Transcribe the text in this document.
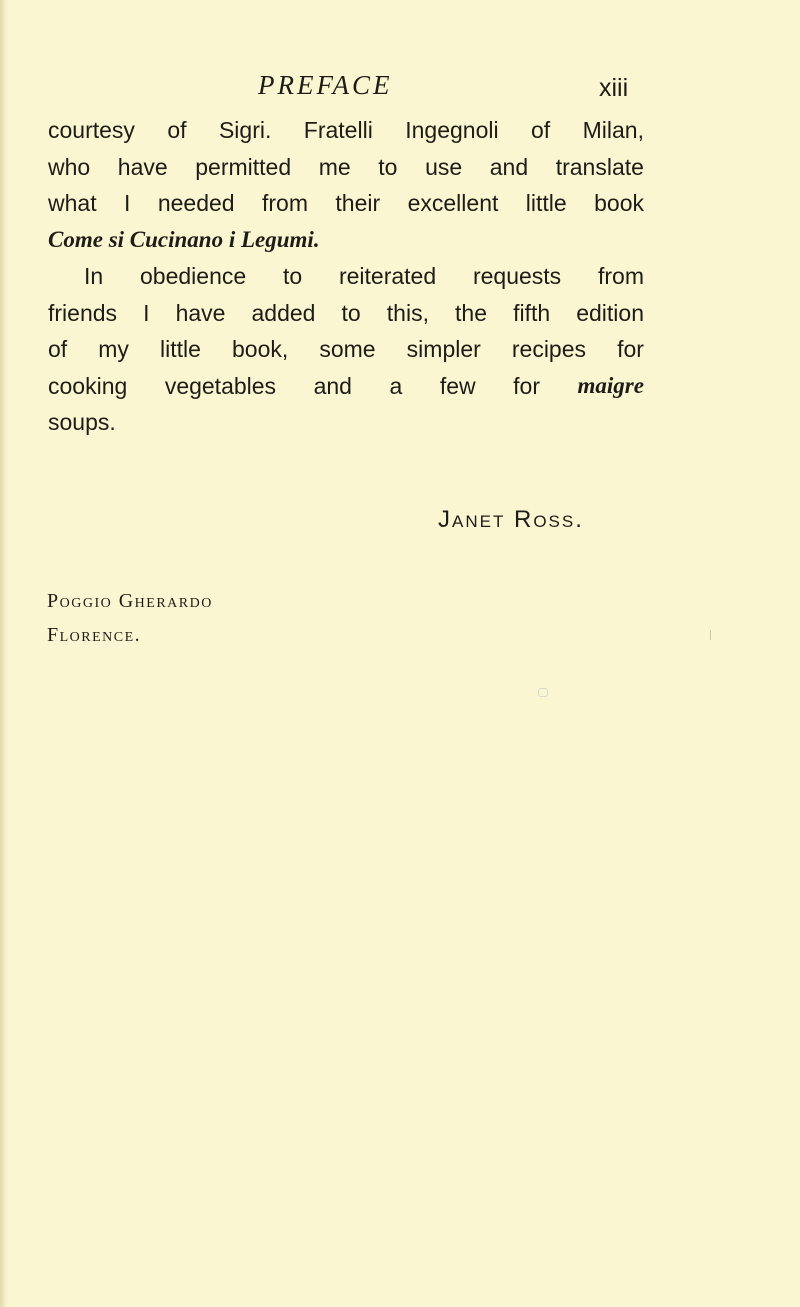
PREFACE	xiii
courtesy of Sigri. Fratelli Ingegnoli of Milan,
who have permitted me to use and translate
what I needed from their excellent little book
Come si Cucinano i Legumi.
In obedience to reiterated requests from
friends I have added to this, the fifth edition
of my little book, some simpler recipes for
cooking vegetables and a few for maigre
soups.
Janet Ross.
Poggio Gherardo
Florence.
